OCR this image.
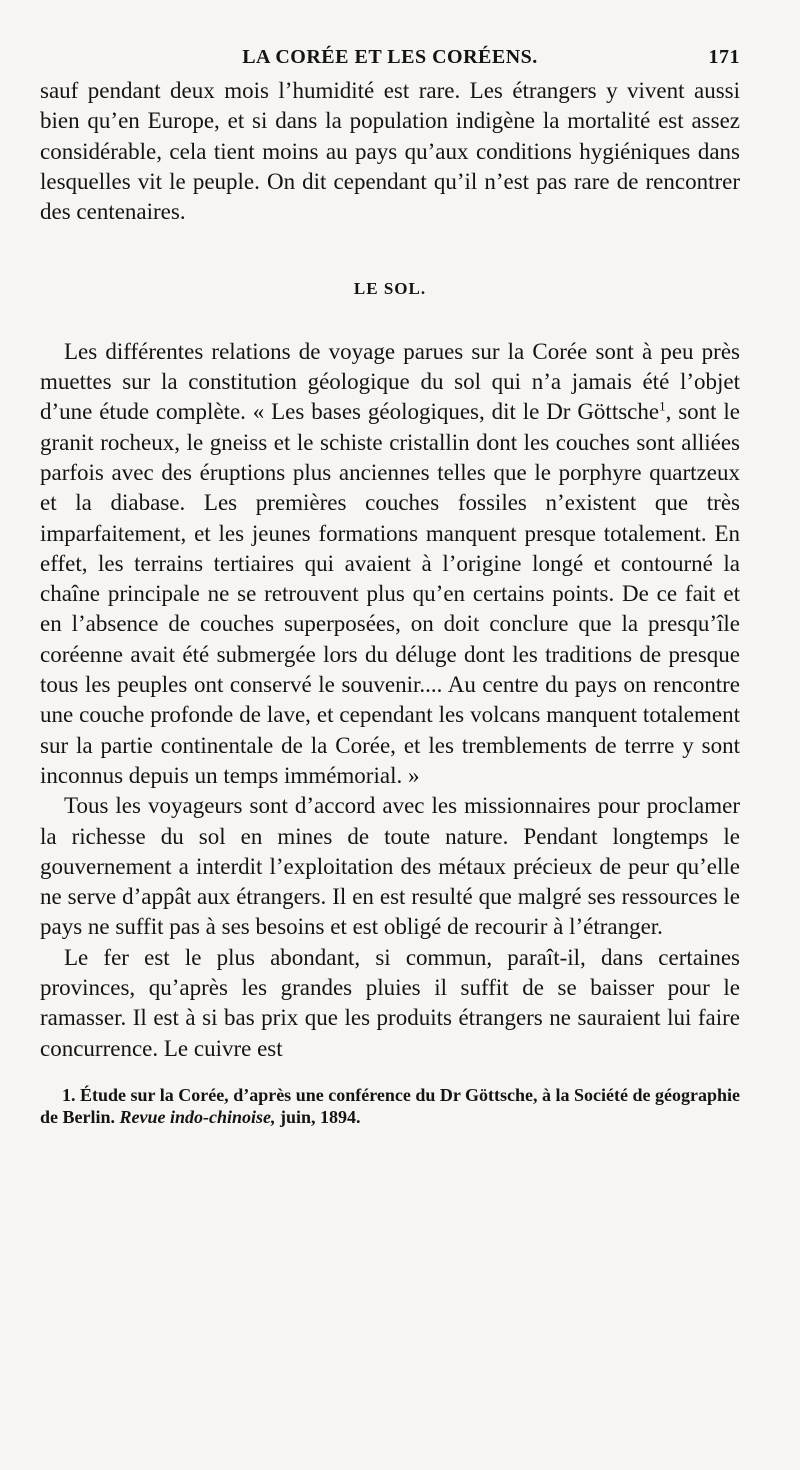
LA CORÉE ET LES CORÉENS.	171

sauf pendant deux mois l’humidité est rare. Les étrangers y vivent aussi bien qu’en Europe, et si dans la population indigène la mortalité est assez considérable, cela tient moins au pays qu’aux conditions hygiéniques dans lesquelles vit le peuple. On dit cependant qu’il n’est pas rare de rencontrer des centenaires.

LE SOL.

Les différentes relations de voyage parues sur la Corée sont à peu près muettes sur la constitution géologique du sol qui n’a jamais été l’objet d’une étude complète. « Les bases géologiques, dit le Dr Göttsche$^1$, sont le granit rocheux, le gneiss et le schiste cristallin dont les couches sont alliées parfois avec des éruptions plus anciennes telles que le porphyre quartzeux et la diabase. Les premières couches fossiles n’existent que très imparfaitement, et les jeunes formations manquent presque totalement. En effet, les terrains tertiaires qui avaient à l’origine longé et contourné la chaîne principale ne se retrouvent plus qu’en certains points. De ce fait et en l’absence de couches superposées, on doit conclure que la presqu’île coréenne avait été submergée lors du déluge dont les traditions de presque tous les peuples ont conservé le souvenir.... Au centre du pays on rencontre une couche profonde de lave, et cependant les volcans manquent totalement sur la partie continentale de la Corée, et les tremblements de terrre y sont inconnus depuis un temps immémorial. »

Tous les voyageurs sont d’accord avec les missionnaires pour proclamer la richesse du sol en mines de toute nature. Pendant longtemps le gouvernement a interdit l’exploitation des métaux précieux de peur qu’elle ne serve d’appât aux étrangers. Il en est resulté que malgré ses ressources le pays ne suffit pas à ses besoins et est obligé de recourir à l’étranger.

Le fer est le plus abondant, si commun, paraît-il, dans certaines provinces, qu’après les grandes pluies il suffit de se baisser pour le ramasser. Il est à si bas prix que les produits étrangers ne sauraient lui faire concurrence. Le cuivre est

1. Étude sur la Corée, d’après une conférence du Dr Göttsche, à la Société de géographie de Berlin. Revue indo-chinoise, juin, 1894.
